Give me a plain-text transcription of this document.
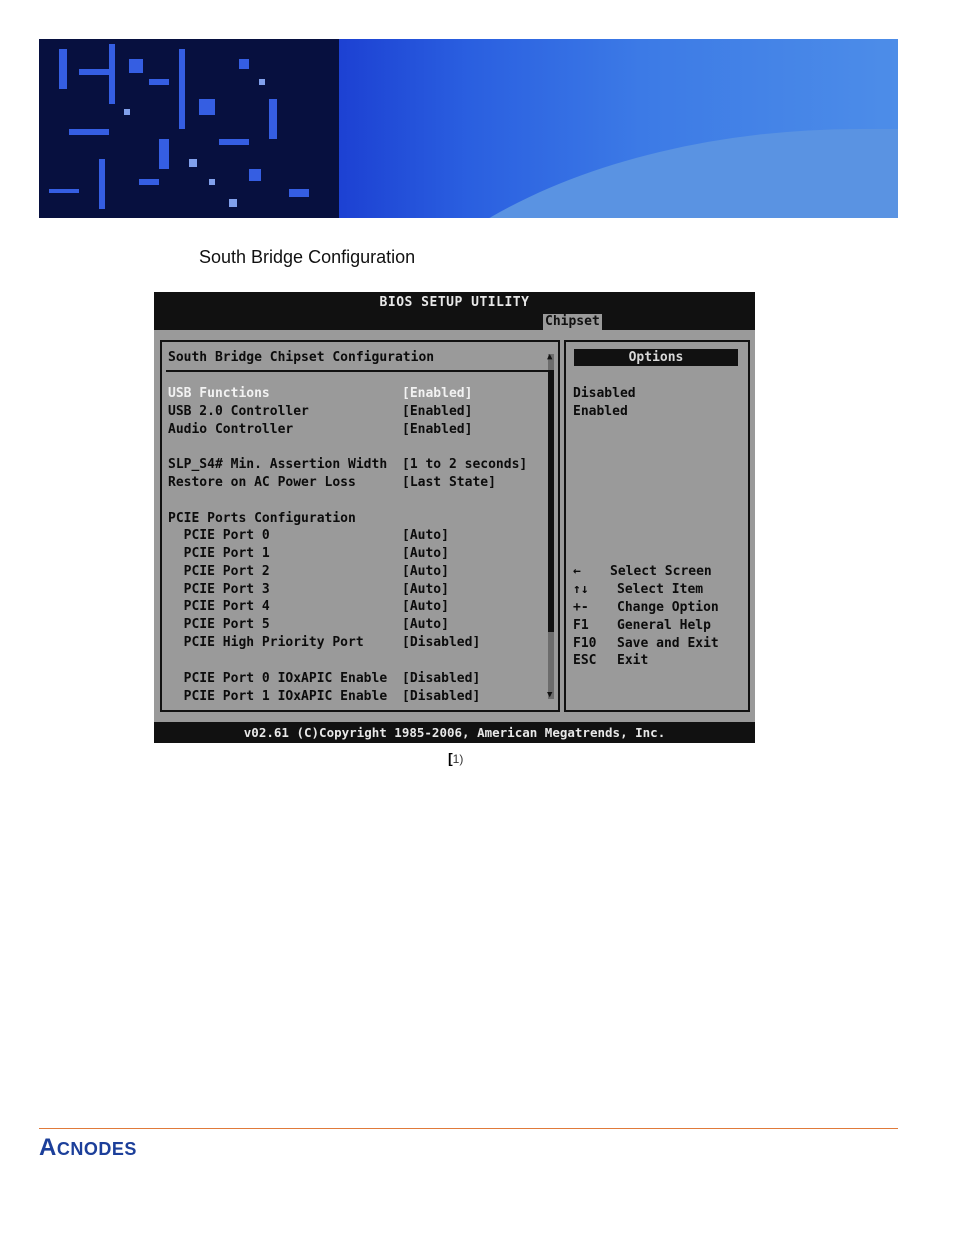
South Bridge Configuration
BIOS SETUP UTILITY
Chipset

South Bridge Chipset Configuration

USB Functions	[Enabled]
USB 2.0 Controller	[Enabled]
Audio Controller	[Enabled]
SLP_S4# Min. Assertion Width [1 to 2 seconds]
Restore on AC Power Loss	[Last State]
PCIE Ports Configuration
PCIE Port 0	[Auto]
PCIE Port 1	[Auto]
PCIE Port 2	[Auto]
PCIE Port 3	[Auto]
PCIE Port 4	[Auto]
PCIE Port 5	[Auto]
PCIE High Priority Port	[Disabled]
PCIE Port 0 IOxAPIC Enable [Disabled]
PCIE Port 1 IOxAPIC Enable [Disabled]
▲
▼
Options
Disabled
Enabled
← Select Screen
↑↓ Select Item
+- Change Option
F1 General Help
F10 Save and Exit
ESC Exit
v02.61 (C)Copyright 1985-2006, American Megatrends, Inc.
[1)
ACNODES
